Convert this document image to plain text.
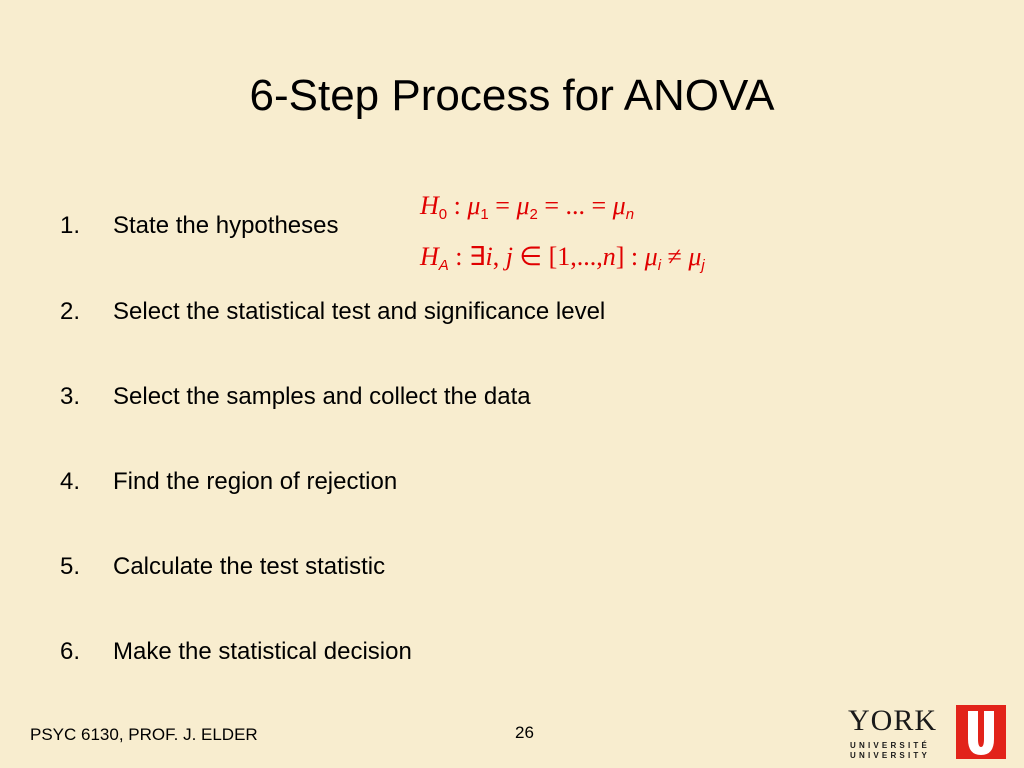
6-Step Process for ANOVA
1.	State the hypotheses
2.	Select the statistical test and significance level
3.	Select the samples and collect the data
4.	Find the region of rejection
5.	Calculate the test statistic
6.	Make the statistical decision
$H_0$ : $\mu_1 = \mu_2$ = ... = $\mu_n$
$H_A$ : ∃i, j ∈ [1,...,n] : $\mu_i \ne \mu_j$
PSYC 6130, PROF. J. ELDER	26	YORK
UNIVERSITÉ
UNIVERSITY
